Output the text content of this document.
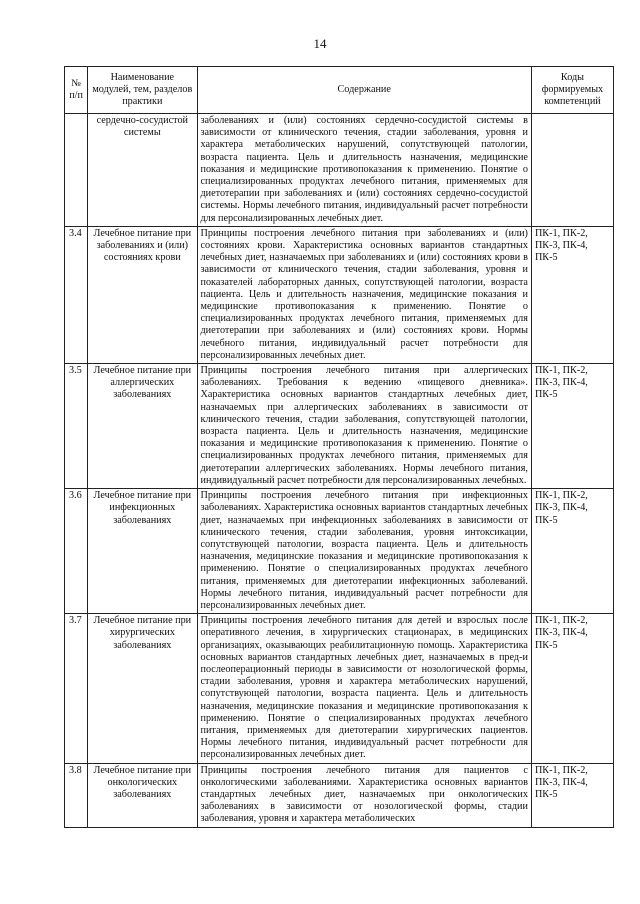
14
№ п/п	Наименование модулей, тем, разделов практики	Содержание	Коды формируемых компетенций
	сердечно-сосудистой системы	заболеваниях и (или) состояниях сердечно-сосудистой системы в зависимости от клинического течения, стадии заболевания, уровня и характера метаболических нарушений, сопутствующей патологии, возраста пациента. Цель и длительность назначения, медицинские показания и медицинские противопоказания к применению. Понятие о специализированных продуктах лечебного питания, применяемых для диетотерапии при заболеваниях и (или) состояниях сердечно-сосудистой системы. Нормы лечебного питания, индивидуальный расчет потребности для персонализированных лечебных диет.	
3.4	Лечебное питание при заболеваниях и (или) состояниях крови	Принципы построения лечебного питания при заболеваниях и (или) состояниях крови. Характеристика основных вариантов стандартных лечебных диет, назначаемых при заболеваниях и (или) состояниях крови в зависимости от клинического течения, стадии заболевания, уровня и показателей лабораторных данных, сопутствующей патологии, возраста пациента. Цель и длительность назначения, медицинские показания и медицинские противопоказания к применению. Понятие о специализированных продуктах лечебного питания, применяемых для диетотерапии при заболеваниях и (или) состояниях крови. Нормы лечебного питания, индивидуальный расчет потребности для персонализированных лечебных диет.	ПК-1, ПК-2, ПК-3, ПК-4, ПК-5
3.5	Лечебное питание при аллергических заболеваниях	Принципы построения лечебного питания при аллергических заболеваниях. Требования к ведению «пищевого дневника». Характеристика основных вариантов стандартных лечебных диет, назначаемых при аллергических заболеваниях в зависимости от клинического течения, стадии заболевания, сопутствующей патологии, возраста пациента. Цель и длительность назначения, медицинские показания и медицинские противопоказания к применению. Понятие о специализированных продуктах лечебного питания, применяемых для диетотерапии аллергических заболеваниях. Нормы лечебного питания, индивидуальный расчет потребности для персонализированных лечебных.	ПК-1, ПК-2, ПК-3, ПК-4, ПК-5
3.6	Лечебное питание при инфекционных заболеваниях	Принципы построения лечебного питания при инфекционных заболеваниях. Характеристика основных вариантов стандартных лечебных диет, назначаемых при инфекционных заболеваниях в зависимости от клинического течения, стадии заболевания, уровня интоксикации, сопутствующей патологии, возраста пациента. Цель и длительность назначения, медицинские показания и медицинские противопоказания к применению. Понятие о специализированных продуктах лечебного питания, применяемых для диетотерапии инфекционных заболеваний. Нормы лечебного питания, индивидуальный расчет потребности для персонализированных лечебных диет.	ПК-1, ПК-2, ПК-3, ПК-4, ПК-5
3.7	Лечебное питание при хирургических заболеваниях	Принципы построения лечебного питания для детей и взрослых после оперативного лечения, в хирургических стационарах, в медицинских организациях, оказывающих реабилитационную помощь. Характеристика основных вариантов стандартных лечебных диет, назначаемых в пред-и послеоперационный периоды в зависимости от нозологической формы, стадии заболевания, уровня и характера метаболических нарушений, сопутствующей патологии, возраста пациента. Цель и длительность назначения, медицинские показания и медицинские противопоказания к применению. Понятие о специализированных продуктах лечебного питания, применяемых для диетотерапии хирургических пациентов. Нормы лечебного питания, индивидуальный расчет потребности для персонализированных лечебных диет.	ПК-1, ПК-2, ПК-3, ПК-4, ПК-5
3.8	Лечебное питание при онкологических заболеваниях	Принципы построения лечебного питания для пациентов с онкологическими заболеваниями. Характеристика основных вариантов стандартных лечебных диет, назначаемых при онкологических заболеваниях в зависимости от нозологической формы, стадии заболевания, уровня и характера метаболических	ПК-1, ПК-2, ПК-3, ПК-4, ПК-5
